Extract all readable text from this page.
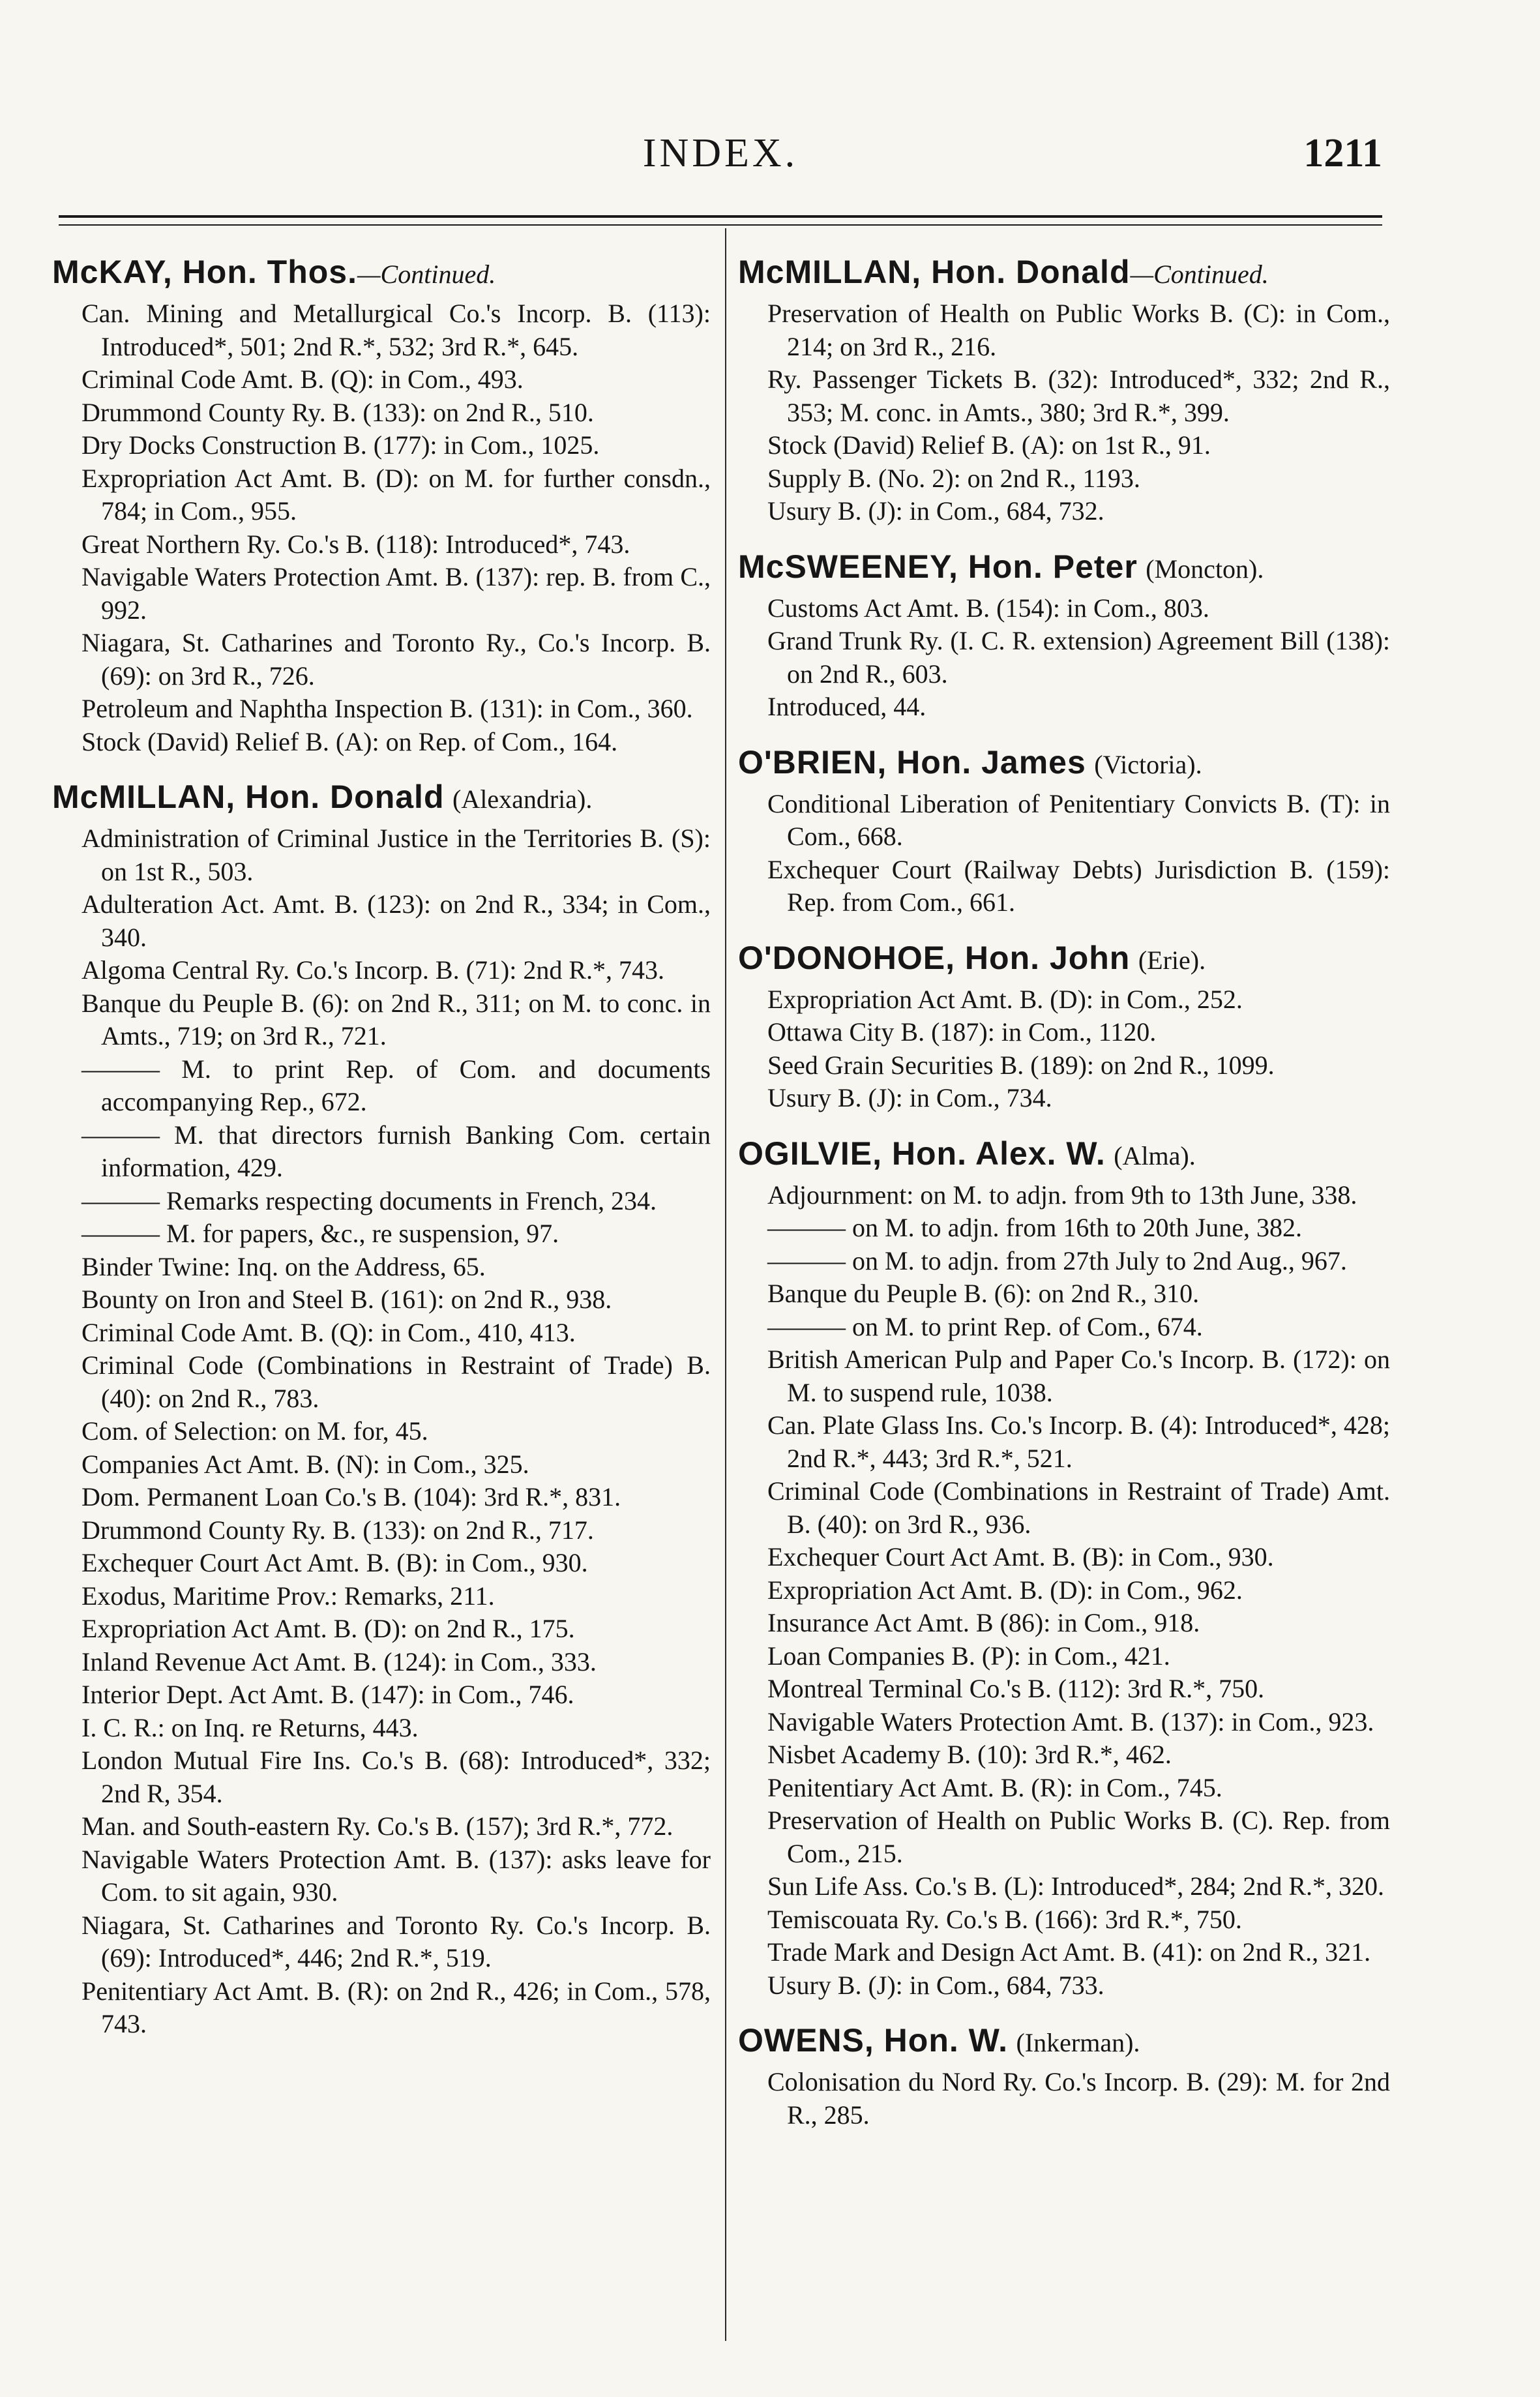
INDEX.	1211
McKAY, Hon. Thos.—Continued.
Can. Mining and Metallurgical Co.'s Incorp. B. (113): Introduced*, 501; 2nd R.*, 532; 3rd R.*, 645.
Criminal Code Amt. B. (Q): in Com., 493.
Drummond County Ry. B. (133): on 2nd R., 510.
Dry Docks Construction B. (177): in Com., 1025.
Expropriation Act Amt. B. (D): on M. for further consdn., 784; in Com., 955.
Great Northern Ry. Co.'s B. (118): Introduced*, 743.
Navigable Waters Protection Amt. B. (137): rep. B. from C., 992.
Niagara, St. Catharines and Toronto Ry., Co.'s Incorp. B. (69): on 3rd R., 726.
Petroleum and Naphtha Inspection B. (131): in Com., 360.
Stock (David) Relief B. (A): on Rep. of Com., 164.
McMILLAN, Hon. Donald (Alexandria).
Administration of Criminal Justice in the Territories B. (S): on 1st R., 503.
Adulteration Act. Amt. B. (123): on 2nd R., 334; in Com., 340.
Algoma Central Ry. Co.'s Incorp. B. (71): 2nd R.*, 743.
Banque du Peuple B. (6): on 2nd R., 311; on M. to conc. in Amts., 719; on 3rd R., 721.
——— M. to print Rep. of Com. and documents accompanying Rep., 672.
——— M. that directors furnish Banking Com. certain information, 429.
——— Remarks respecting documents in French, 234.
——— M. for papers, &c., re suspension, 97.
Binder Twine: Inq. on the Address, 65.
Bounty on Iron and Steel B. (161): on 2nd R., 938.
Criminal Code Amt. B. (Q): in Com., 410, 413.
Criminal Code (Combinations in Restraint of Trade) B. (40): on 2nd R., 783.
Com. of Selection: on M. for, 45.
Companies Act Amt. B. (N): in Com., 325.
Dom. Permanent Loan Co.'s B. (104): 3rd R.*, 831.
Drummond County Ry. B. (133): on 2nd R., 717.
Exchequer Court Act Amt. B. (B): in Com., 930.
Exodus, Maritime Prov.: Remarks, 211.
Expropriation Act Amt. B. (D): on 2nd R., 175.
Inland Revenue Act Amt. B. (124): in Com., 333.
Interior Dept. Act Amt. B. (147): in Com., 746.
I. C. R.: on Inq. re Returns, 443.
London Mutual Fire Ins. Co.'s B. (68): Introduced*, 332; 2nd R, 354.
Man. and South-eastern Ry. Co.'s B. (157); 3rd R.*, 772.
Navigable Waters Protection Amt. B. (137): asks leave for Com. to sit again, 930.
Niagara, St. Catharines and Toronto Ry. Co.'s Incorp. B. (69): Introduced*, 446; 2nd R.*, 519.
Penitentiary Act Amt. B. (R): on 2nd R., 426; in Com., 578, 743.
McMILLAN, Hon. Donald—Continued.
Preservation of Health on Public Works B. (C): in Com., 214; on 3rd R., 216.
Ry. Passenger Tickets B. (32): Introduced*, 332; 2nd R., 353; M. conc. in Amts., 380; 3rd R.*, 399.
Stock (David) Relief B. (A): on 1st R., 91.
Supply B. (No. 2): on 2nd R., 1193.
Usury B. (J): in Com., 684, 732.
McSWEENEY, Hon. Peter (Moncton).
Customs Act Amt. B. (154): in Com., 803.
Grand Trunk Ry. (I. C. R. extension) Agreement Bill (138): on 2nd R., 603.
Introduced, 44.
O'BRIEN, Hon. James (Victoria).
Conditional Liberation of Penitentiary Convicts B. (T): in Com., 668.
Exchequer Court (Railway Debts) Jurisdiction B. (159): Rep. from Com., 661.
O'DONOHOE, Hon. John (Erie).
Expropriation Act Amt. B. (D): in Com., 252.
Ottawa City B. (187): in Com., 1120.
Seed Grain Securities B. (189): on 2nd R., 1099.
Usury B. (J): in Com., 734.
OGILVIE, Hon. Alex. W. (Alma).
Adjournment: on M. to adjn. from 9th to 13th June, 338.
——— on M. to adjn. from 16th to 20th June, 382.
——— on M. to adjn. from 27th July to 2nd Aug., 967.
Banque du Peuple B. (6): on 2nd R., 310.
——— on M. to print Rep. of Com., 674.
British American Pulp and Paper Co.'s Incorp. B. (172): on M. to suspend rule, 1038.
Can. Plate Glass Ins. Co.'s Incorp. B. (4): Introduced*, 428; 2nd R.*, 443; 3rd R.*, 521.
Criminal Code (Combinations in Restraint of Trade) Amt. B. (40): on 3rd R., 936.
Exchequer Court Act Amt. B. (B): in Com., 930.
Expropriation Act Amt. B. (D): in Com., 962.
Insurance Act Amt. B (86): in Com., 918.
Loan Companies B. (P): in Com., 421.
Montreal Terminal Co.'s B. (112): 3rd R.*, 750.
Navigable Waters Protection Amt. B. (137): in Com., 923.
Nisbet Academy B. (10): 3rd R.*, 462.
Penitentiary Act Amt. B. (R): in Com., 745.
Preservation of Health on Public Works B. (C). Rep. from Com., 215.
Sun Life Ass. Co.'s B. (L): Introduced*, 284; 2nd R.*, 320.
Temiscouata Ry. Co.'s B. (166): 3rd R.*, 750.
Trade Mark and Design Act Amt. B. (41): on 2nd R., 321.
Usury B. (J): in Com., 684, 733.
OWENS, Hon. W. (Inkerman).
Colonisation du Nord Ry. Co.'s Incorp. B. (29): M. for 2nd R., 285.
